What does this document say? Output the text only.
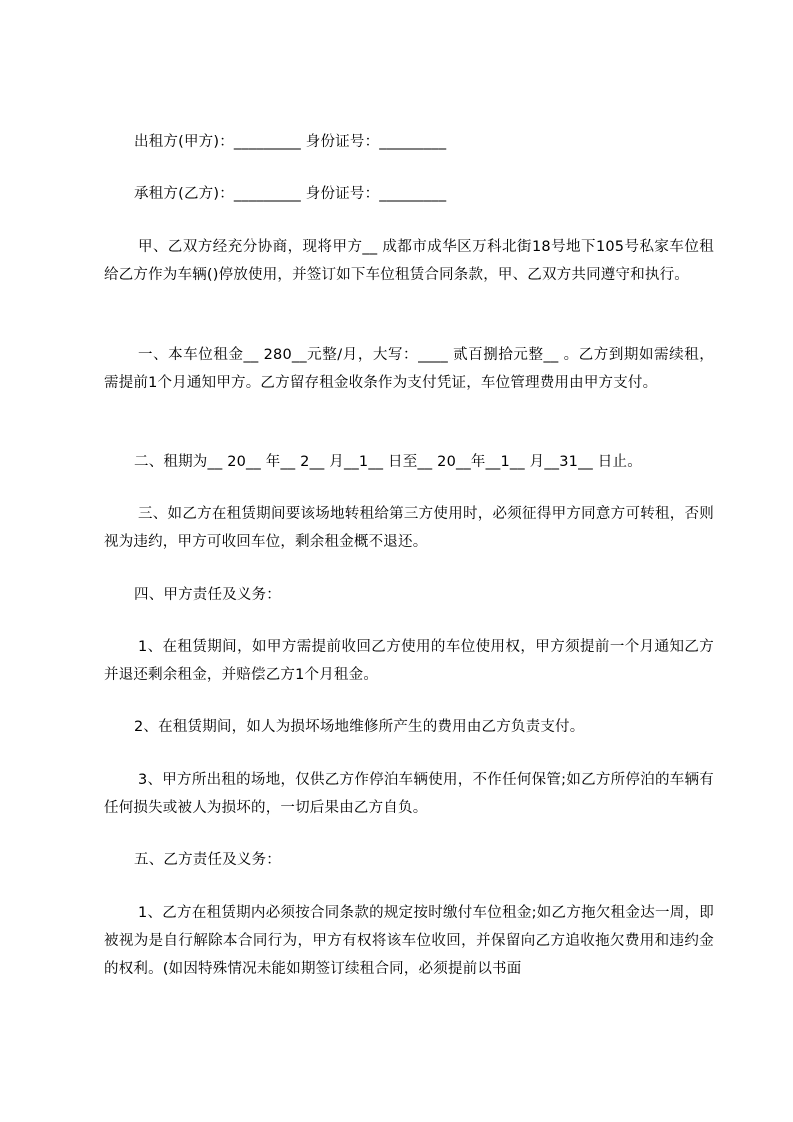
出租方(甲方)：_________ 身份证号：_________

承租方(乙方)：_________ 身份证号：_________

甲、乙双方经充分协商，现将甲方__ 成都市成华区万科北街18号地下105号私家车位租给乙方作为车辆()停放使用，并签订如下车位租赁合同条款，甲、乙双方共同遵守和执行。

一、本车位租金__ 280__元整/月，大写：____ 贰百捌拾元整__ 。乙方到期如需续租，需提前1个月通知甲方。乙方留存租金收条作为支付凭证，车位管理费用由甲方支付。

二、租期为__ 20__ 年__ 2__ 月__1__ 日至__ 20__年__1__ 月__31__ 日止。

三、如乙方在租赁期间要该场地转租给第三方使用时，必须征得甲方同意方可转租，否则视为违约，甲方可收回车位，剩余租金概不退还。

四、甲方责任及义务：

1、在租赁期间，如甲方需提前收回乙方使用的车位使用权，甲方须提前一个月通知乙方并退还剩余租金，并赔偿乙方1个月租金。

2、在租赁期间，如人为损坏场地维修所产生的费用由乙方负责支付。

3、甲方所出租的场地，仅供乙方作停泊车辆使用，不作任何保管;如乙方所停泊的车辆有任何损失或被人为损坏的，一切后果由乙方自负。

五、乙方责任及义务：

1、乙方在租赁期内必须按合同条款的规定按时缴付车位租金;如乙方拖欠租金达一周，即被视为是自行解除本合同行为，甲方有权将该车位收回，并保留向乙方追收拖欠费用和违约金的权利。(如因特殊情况未能如期签订续租合同，必须提前以书面
